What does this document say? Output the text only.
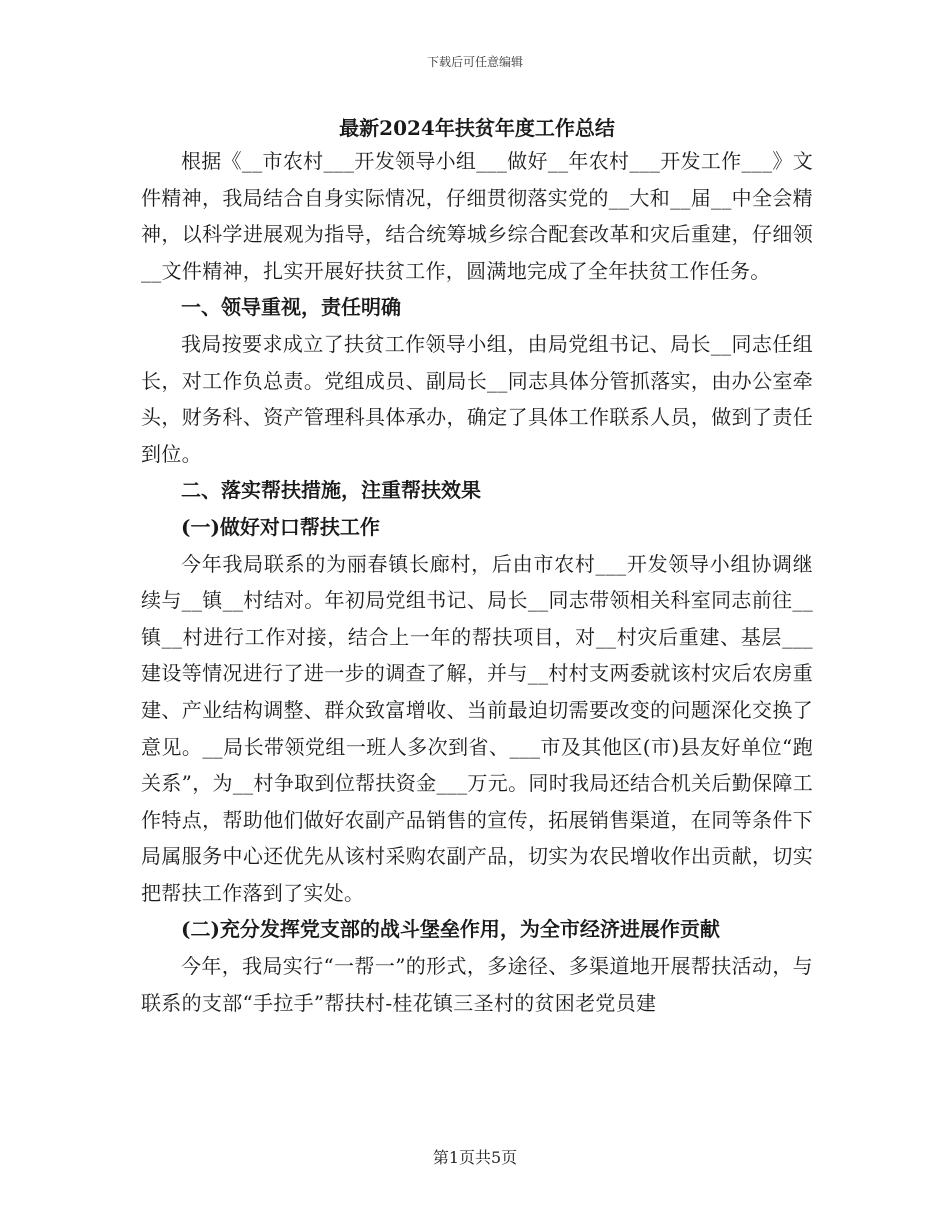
下载后可任意编辑
最新2024年扶贫年度工作总结

根据《__市农村___开发领导小组___做好__年农村___开发工作___》文件精神，我局结合自身实际情况，仔细贯彻落实党的__大和__届__中全会精神，以科学进展观为指导，结合统筹城乡综合配套改革和灾后重建，仔细领__文件精神，扎实开展好扶贫工作，圆满地完成了全年扶贫工作任务。

一、领导重视，责任明确

我局按要求成立了扶贫工作领导小组，由局党组书记、局长__同志任组长，对工作负总责。党组成员、副局长__同志具体分管抓落实，由办公室牵头，财务科、资产管理科具体承办，确定了具体工作联系人员，做到了责任到位。

二、落实帮扶措施，注重帮扶效果

(一)做好对口帮扶工作

今年我局联系的为丽春镇长廊村，后由市农村___开发领导小组协调继续与__镇__村结对。年初局党组书记、局长__同志带领相关科室同志前往__镇__村进行工作对接，结合上一年的帮扶项目，对__村灾后重建、基层___建设等情况进行了进一步的调查了解，并与__村村支两委就该村灾后农房重建、产业结构调整、群众致富增收、当前最迫切需要改变的问题深化交换了意见。__局长带领党组一班人多次到省、___市及其他区(市)县友好单位“跑关系”，为__村争取到位帮扶资金___万元。同时我局还结合机关后勤保障工作特点，帮助他们做好农副产品销售的宣传，拓展销售渠道，在同等条件下局属服务中心还优先从该村采购农副产品，切实为农民增收作出贡献，切实把帮扶工作落到了实处。

(二)充分发挥党支部的战斗堡垒作用，为全市经济进展作贡献

今年，我局实行“一帮一”的形式，多途径、多渠道地开展帮扶活动，与联系的支部“手拉手”帮扶村-桂花镇三圣村的贫困老党员建

第1页共5页
